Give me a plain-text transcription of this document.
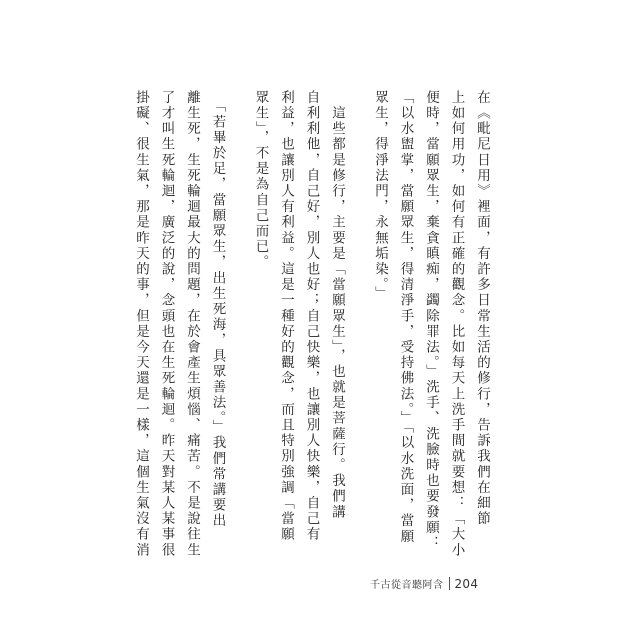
在《毗尼日用》裡面，有許多日常生活的修行，告訴我們在細節
上如何用功，如何有正確的觀念。比如每天上洗手間就要想：「大小
便時，當願眾生，棄貪瞋痴，蠲除罪法。」洗手、洗臉時也要發願：
「以水盥掌，當願眾生，得清淨手，受持佛法。」「以水洗面，當願
眾生，得淨法門，永無垢染。」
　這些都是修行，主要是「當願眾生」，也就是菩薩行。我們講
自利利他，自己好，別人也好；自己快樂，也讓別人快樂，自己有
利益，也讓別人有利益。這是一種好的觀念，而且特別強調「當願
眾生」，不是為自己而已。
　「若畢於足，當願眾生，出生死海，具眾善法。」我們常講要出
離生死，生死輪迴最大的問題，在於會產生煩惱、痛苦。不是說往生
了才叫生死輪迴，廣泛的說，念頭也在生死輪迴。昨天對某人某事很
掛礙、很生氣，那是昨天的事，但是今天還是一樣，這個生氣沒有消
千古從音聽阿含 204
